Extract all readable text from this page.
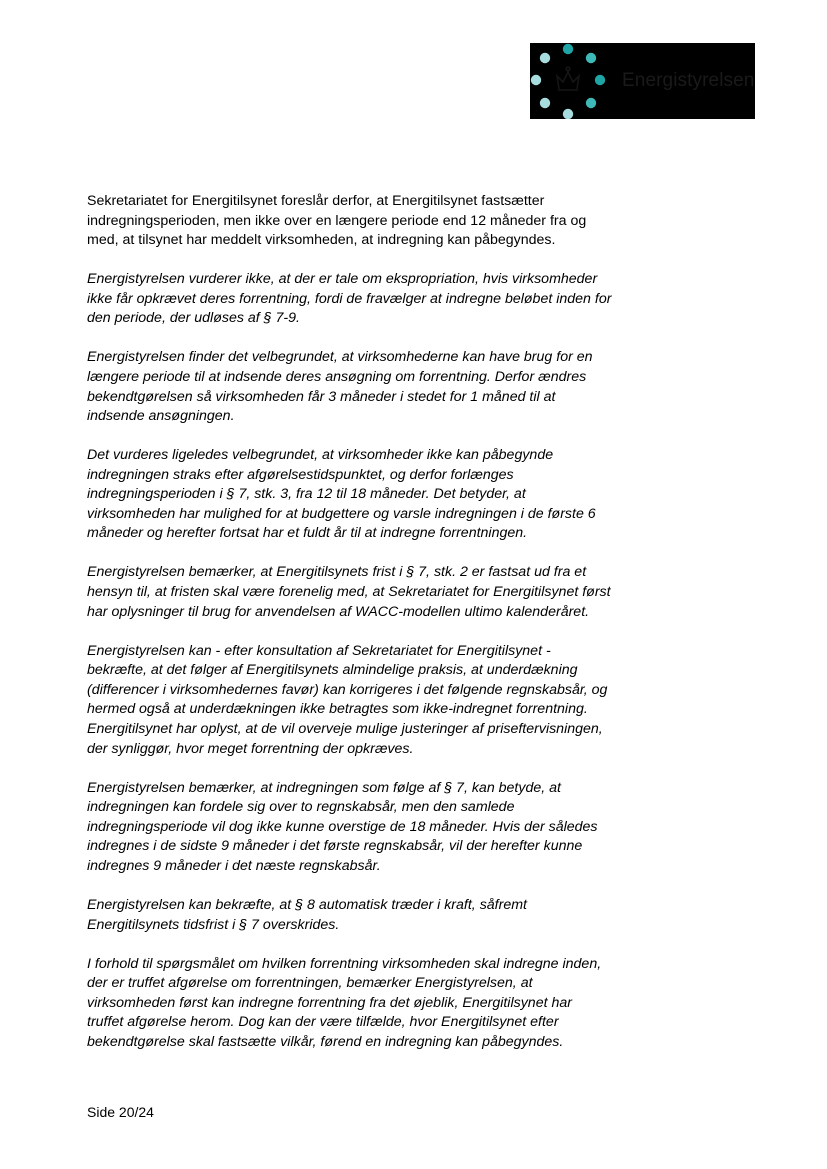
Energistyrelsen

Sekretariatet for Energitilsynet foreslår derfor, at Energitilsynet fastsætter
indregningsperioden, men ikke over en længere periode end 12 måneder fra og
med, at tilsynet har meddelt virksomheden, at indregning kan påbegyndes.

Energistyrelsen vurderer ikke, at der er tale om ekspropriation, hvis virksomheder
ikke får opkrævet deres forrentning, fordi de fravælger at indregne beløbet inden for
den periode, der udløses af § 7-9.

Energistyrelsen finder det velbegrundet, at virksomhederne kan have brug for en
længere periode til at indsende deres ansøgning om forrentning. Derfor ændres
bekendtgørelsen så virksomheden får 3 måneder i stedet for 1 måned til at
indsende ansøgningen.

Det vurderes ligeledes velbegrundet, at virksomheder ikke kan påbegynde
indregningen straks efter afgørelsestidspunktet, og derfor forlænges
indregningsperioden i § 7, stk. 3, fra 12 til 18 måneder. Det betyder, at
virksomheden har mulighed for at budgettere og varsle indregningen i de første 6
måneder og herefter fortsat har et fuldt år til at indregne forrentningen.

Energistyrelsen bemærker, at Energitilsynets frist i § 7, stk. 2 er fastsat ud fra et
hensyn til, at fristen skal være forenelig med, at Sekretariatet for Energitilsynet først
har oplysninger til brug for anvendelsen af WACC-modellen ultimo kalenderåret.

Energistyrelsen kan - efter konsultation af Sekretariatet for Energitilsynet -
bekræfte, at det følger af Energitilsynets almindelige praksis, at underdækning
(differencer i virksomhedernes favør) kan korrigeres i det følgende regnskabsår, og
hermed også at underdækningen ikke betragtes som ikke-indregnet forrentning.
Energitilsynet har oplyst, at de vil overveje mulige justeringer af priseftervisningen,
der synliggør, hvor meget forrentning der opkræves.

Energistyrelsen bemærker, at indregningen som følge af § 7, kan betyde, at
indregningen kan fordele sig over to regnskabsår, men den samlede
indregningsperiode vil dog ikke kunne overstige de 18 måneder. Hvis der således
indregnes i de sidste 9 måneder i det første regnskabsår, vil der herefter kunne
indregnes 9 måneder i det næste regnskabsår.

Energistyrelsen kan bekræfte, at § 8 automatisk træder i kraft, såfremt
Energitilsynets tidsfrist i § 7 overskrides.

I forhold til spørgsmålet om hvilken forrentning virksomheden skal indregne inden,
der er truffet afgørelse om forrentningen, bemærker Energistyrelsen, at
virksomheden først kan indregne forrentning fra det øjeblik, Energitilsynet har
truffet afgørelse herom. Dog kan der være tilfælde, hvor Energitilsynet efter
bekendtgørelse skal fastsætte vilkår, førend en indregning kan påbegyndes.

Side 20/24
